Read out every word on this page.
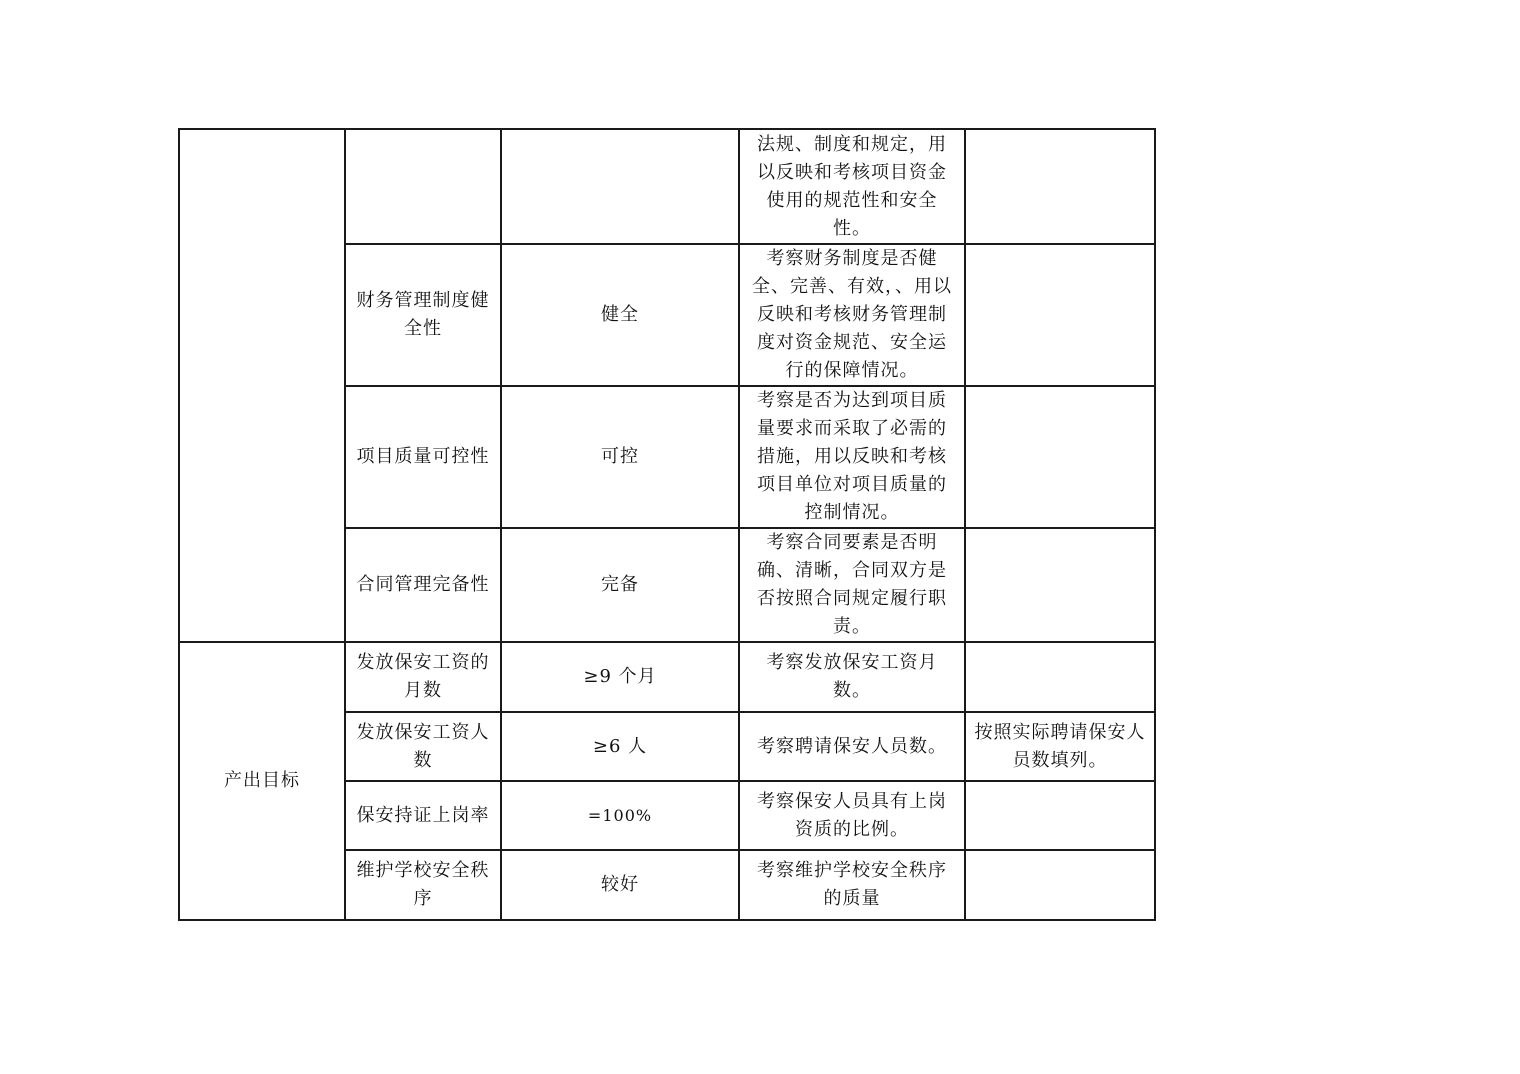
			法规、制度和规定，用以反映和考核项目资金使用的规范性和安全性。	

	财务管理制度健全性	健全	考察财务制度是否健全、完善、有效，、用以反映和考核财务管理制度对资金规范、安全运行的保障情况。	

	项目质量可控性	可控	考察是否为达到项目质量要求而采取了必需的措施，用以反映和考核项目单位对项目质量的控制情况。	

	合同管理完备性	完备	考察合同要素是否明确、清晰，合同双方是否按照合同规定履行职责。	

产出目标	发放保安工资的月数	≥9 个月	考察发放保安工资月数。	

	发放保安工资人数	≥6 人	考察聘请保安人员数。	按照实际聘请保安人员数填列。
	保安持证上岗率	=100%	考察保安人员具有上岗资质的比例。	

	维护学校安全秩序	较好	考察维护学校安全秩序的质量	
